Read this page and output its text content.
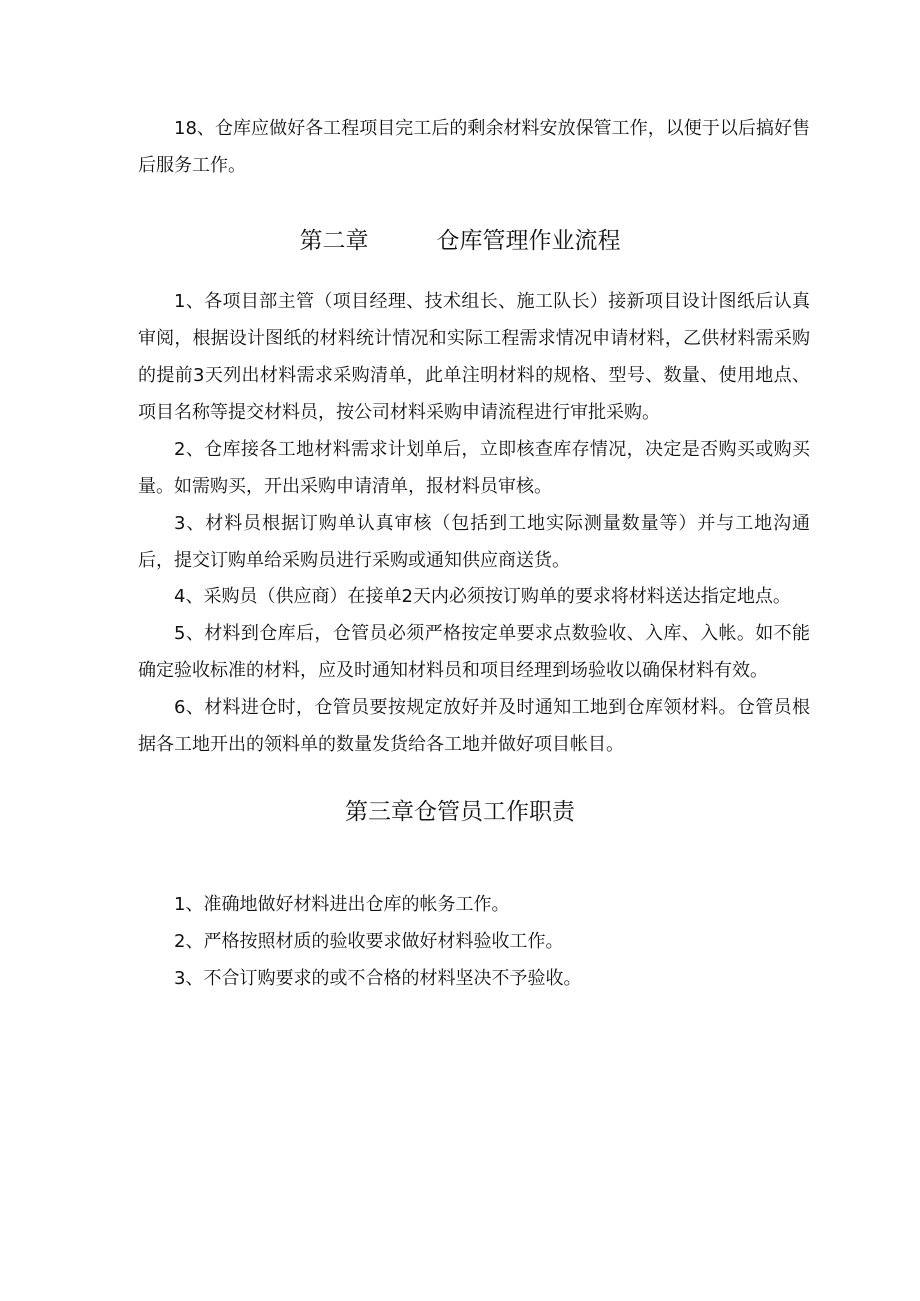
18、仓库应做好各工程项目完工后的剩余材料安放保管工作，以便于以后搞好售后服务工作。

第二章	仓库管理作业流程

1、各项目部主管（项目经理、技术组长、施工队长）接新项目设计图纸后认真审阅，根据设计图纸的材料统计情况和实际工程需求情况申请材料，乙供材料需采购的提前3天列出材料需求采购清单，此单注明材料的规格、型号、数量、使用地点、项目名称等提交材料员，按公司材料采购申请流程进行审批采购。

2、仓库接各工地材料需求计划单后，立即核查库存情况，决定是否购买或购买量。如需购买，开出采购申请清单，报材料员审核。

3、材料员根据订购单认真审核（包括到工地实际测量数量等）并与工地沟通后，提交订购单给采购员进行采购或通知供应商送货。

4、采购员（供应商）在接单2天内必须按订购单的要求将材料送达指定地点。

5、材料到仓库后，仓管员必须严格按定单要求点数验收、入库、入帐。如不能确定验收标准的材料，应及时通知材料员和项目经理到场验收以确保材料有效。

6、材料进仓时，仓管员要按规定放好并及时通知工地到仓库领材料。仓管员根据各工地开出的领料单的数量发货给各工地并做好项目帐目。

第三章仓管员工作职责

1、准确地做好材料进出仓库的帐务工作。

2、严格按照材质的验收要求做好材料验收工作。

3、不合订购要求的或不合格的材料坚决不予验收。
